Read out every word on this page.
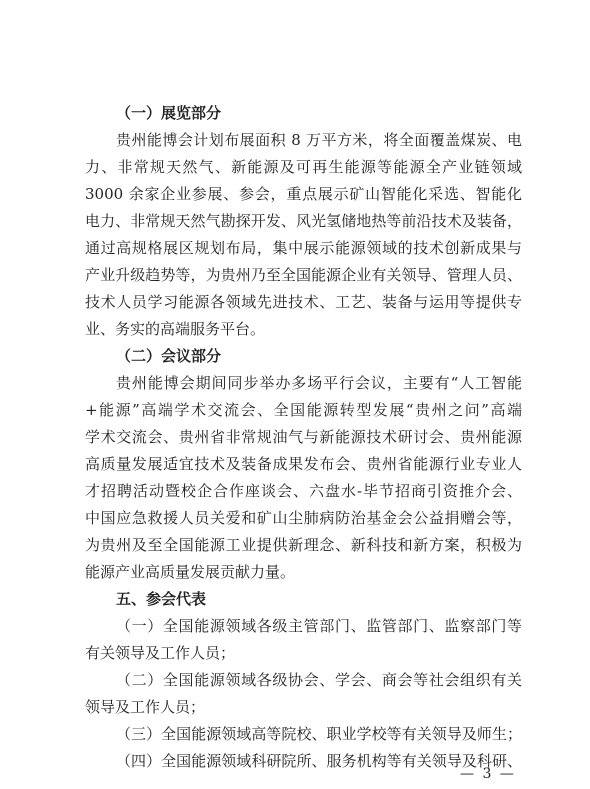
（一）展览部分
贵州能博会计划布展面积 8 万平方米，将全面覆盖煤炭、电
力、非常规天然气、新能源及可再生能源等能源全产业链领域
3000 余家企业参展、参会，重点展示矿山智能化采选、智能化
电力、非常规天然气勘探开发、风光氢储地热等前沿技术及装备，
通过高规格展区规划布局，集中展示能源领域的技术创新成果与
产业升级趋势等，为贵州乃至全国能源企业有关领导、管理人员、
技术人员学习能源各领域先进技术、工艺、装备与运用等提供专
业、务实的高端服务平台。
（二）会议部分
贵州能博会期间同步举办多场平行会议，主要有“人工智能
+能源”高端学术交流会、全国能源转型发展“贵州之问”高端
学术交流会、贵州省非常规油气与新能源技术研讨会、贵州能源
高质量发展适宜技术及装备成果发布会、贵州省能源行业专业人
才招聘活动暨校企合作座谈会、六盘水-毕节招商引资推介会、
中国应急救援人员关爱和矿山尘肺病防治基金会公益捐赠会等，
为贵州及至全国能源工业提供新理念、新科技和新方案，积极为
能源产业高质量发展贡献力量。
五、参会代表
（一）全国能源领域各级主管部门、监管部门、监察部门等
有关领导及工作人员；
（二）全国能源领域各级协会、学会、商会等社会组织有关
领导及工作人员；
（三）全国能源领域高等院校、职业学校等有关领导及师生；
（四）全国能源领域科研院所、服务机构等有关领导及科研、
— 3 —
